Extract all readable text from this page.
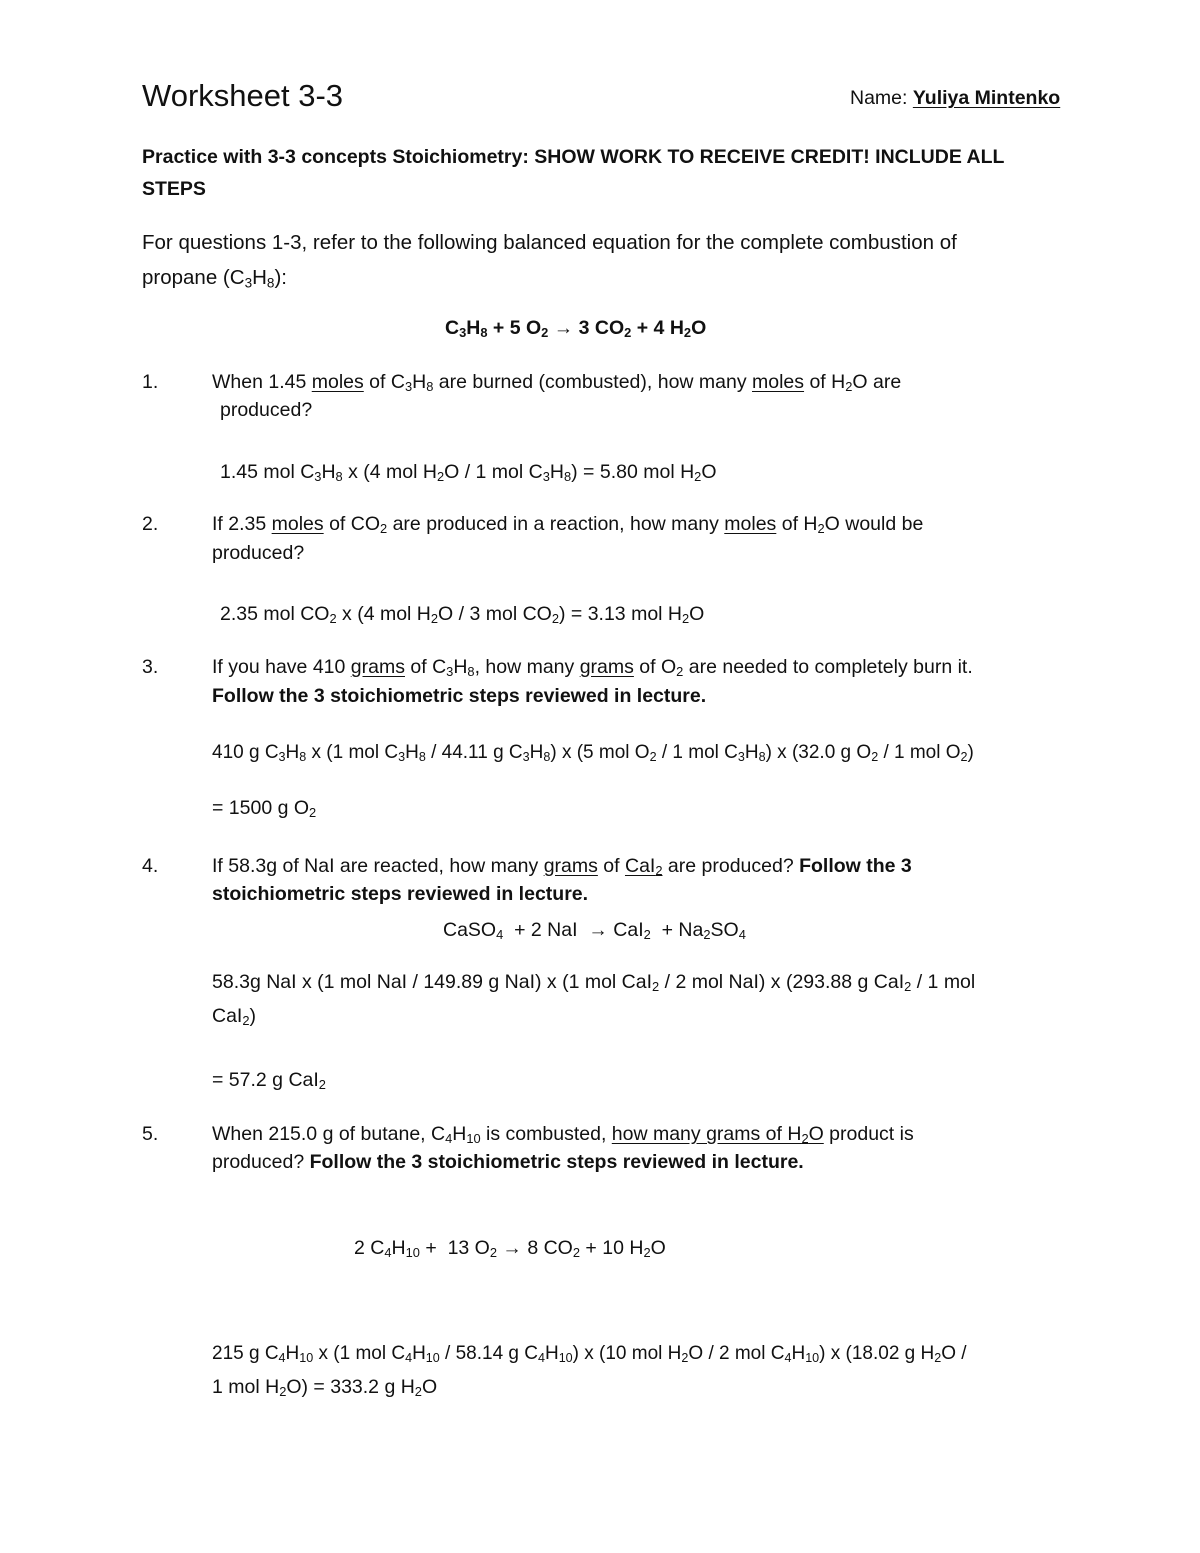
Worksheet 3-3	Name: Yuliya Mintenko
Practice with 3-3 concepts Stoichiometry: SHOW WORK TO RECEIVE CREDIT! INCLUDE ALL
STEPS
For questions 1-3, refer to the following balanced equation for the complete combustion of
propane $(C_3H_8)$:
$C_3H_8 + 5$ $O_2 \to 3$ $CO_2 + 4$ $H_2O$
1.	When 1.45 moles of $C_3H_8$ are burned (combusted), how many moles of $H_2O$ are
produced?
1.45 mol $C_3H_8$ x (4 mol $H_2O / 1$ mol $C_3H_8) = 5.80$ mol $H_2O$
2.	If 2.35 moles of $CO_2$ are produced in a reaction, how many moles of $H_2O$ would be
produced?
2.35 mol $CO_2$ x (4 mol $H_2O / 3$ mol $CO_2) = 3.13$ mol $H_2O$
3.	If you have 410 grams of $C_3H_8$, how many grams of $O_2$ are needed to completely burn it.
Follow the 3 stoichiometric steps reviewed in lecture.
410 g $C_3H_8$ x (1 mol $C_3H_8 / 44.11$ g $C_3H_8$) x (5 mol $O_2 / 1$ mol $C_3H_8$) x (32.0 g $O_2 / 1$ mol $O_2$)
= 1500 g $O_2$
4.	If 58.3g of NaI are reacted, how many grams of CaI$_2$ are produced? Follow the 3
stoichiometric steps reviewed in lecture.
CaSO$_4$  + 2 NaI  → $CaI_2 + Na_2SO_4$
58.3g NaI x (1 mol NaI / 149.89 g NaI) x (1 mol CaI$_2$ / 2 mol NaI) x (293.88 g CaI$_2$ / 1 mol
CaI$_2$)
= 57.2 g CaI$_2$
5.	When 215.0 g of butane, $C_4H_{10}$ is combusted, how many grams of $H_2O$ product is
produced? Follow the 3 stoichiometric steps reviewed in lecture.
2 $C_4H_{10} + 13$ $O_2 \to 8$ $CO_2 + 10$ $H_2O$
215 g $C_4H_{10}$ x (1 mol $C_4H_{10} / 58.14$ g $C_4H_{10}$) x (10 mol $H_2O / 2$ mol $C_4H_{10}$) x (18.02 g $H_2O$ /
1 mol $H_2O) = 333.2$ g $H_2O$
